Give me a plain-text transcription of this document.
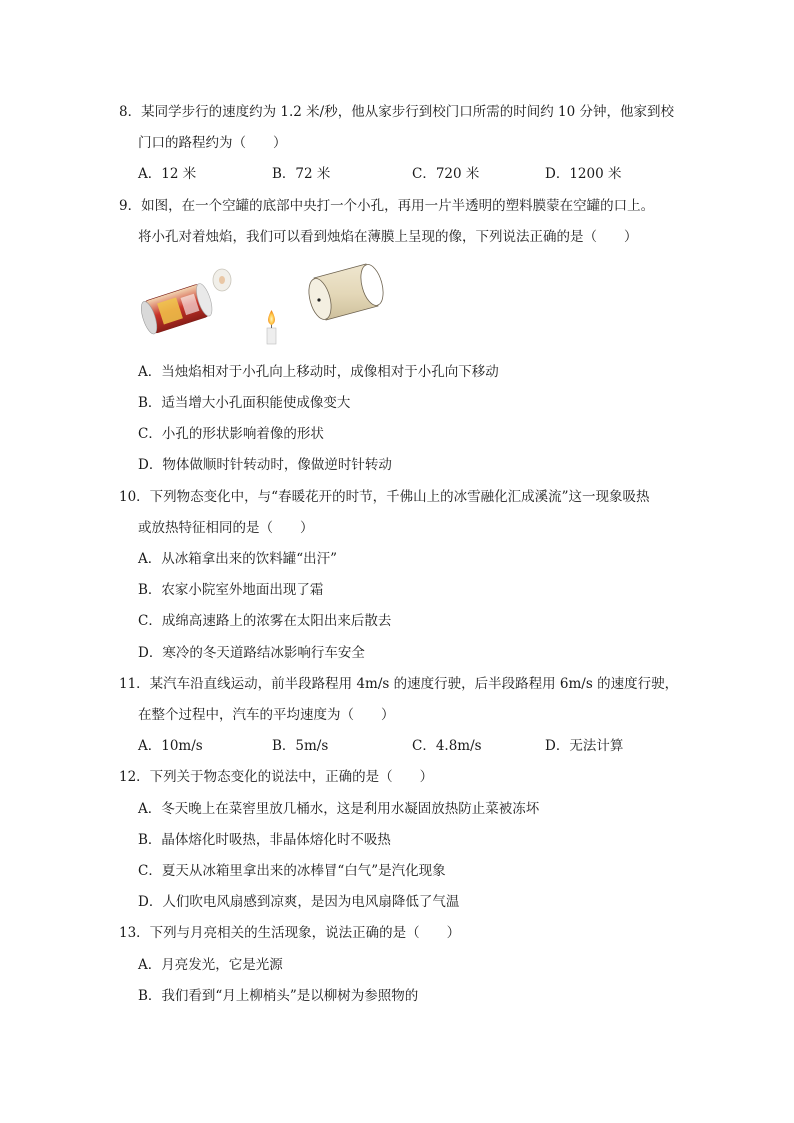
8．某同学步行的速度约为 1.2 米/秒，他从家步行到校门口所需的时间约 10 分钟，他家到校
门口的路程约为（　　）
A．12 米	B．72 米	C．720 米	D．1200 米
9．如图，在一个空罐的底部中央打一个小孔，再用一片半透明的塑料膜蒙在空罐的口上。
将小孔对着烛焰，我们可以看到烛焰在薄膜上呈现的像，下列说法正确的是（　　）
A．当烛焰相对于小孔向上移动时，成像相对于小孔向下移动
B．适当增大小孔面积能使成像变大
C．小孔的形状影响着像的形状
D．物体做顺时针转动时，像做逆时针转动
10．下列物态变化中，与“春暖花开的时节，千佛山上的冰雪融化汇成溪流”这一现象吸热
或放热特征相同的是（　　）
A．从冰箱拿出来的饮料罐“出汗”
B．农家小院室外地面出现了霜
C．成绵高速路上的浓雾在太阳出来后散去
D．寒冷的冬天道路结冰影响行车安全
11．某汽车沿直线运动，前半段路程用 4m/s 的速度行驶，后半段路程用 6m/s 的速度行驶，
在整个过程中，汽车的平均速度为（　　）
A．10m/s	B．5m/s	C．4.8m/s	D．无法计算
12．下列关于物态变化的说法中，正确的是（　　）
A．冬天晚上在菜窖里放几桶水，这是利用水凝固放热防止菜被冻坏
B．晶体熔化时吸热，非晶体熔化时不吸热
C．夏天从冰箱里拿出来的冰棒冒“白气”是汽化现象
D．人们吹电风扇感到凉爽，是因为电风扇降低了气温
13．下列与月亮相关的生活现象，说法正确的是（　　）
A．月亮发光，它是光源
B．我们看到“月上柳梢头”是以柳树为参照物的
